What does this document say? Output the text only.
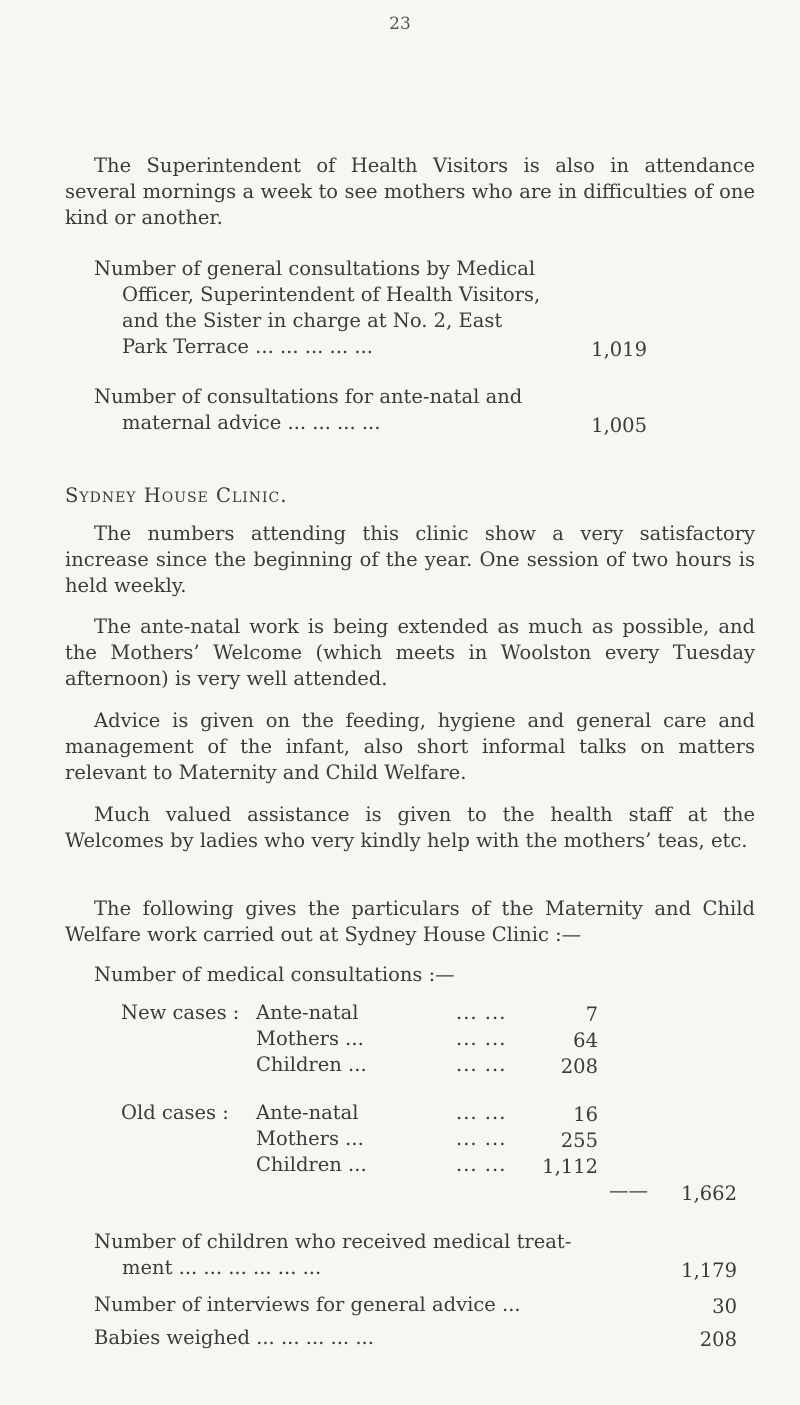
23
The Superintendent of Health Visitors is also in attendance several mornings a week to see mothers who are in difficulties of one kind or another.
Number of general consultations by Medical
Officer, Superintendent of Health Visitors,
and the Sister in charge at No. 2, East
Park Terrace ... ... ... ... ...	1,019
Number of consultations for ante-natal and
maternal advice ... ... ... ...	1,005
Sydney House Clinic.
The numbers attending this clinic show a very satisfactory increase since the beginning of the year. One session of two hours is held weekly.
The ante-natal work is being extended as much as possible, and the Mothers’ Welcome (which meets in Woolston every Tuesday afternoon) is very well attended.
Advice is given on the feeding, hygiene and general care and management of the infant, also short informal talks on matters relevant to Maternity and Child Welfare.
Much valued assistance is given to the health staff at the Welcomes by ladies who very kindly help with the mothers’ teas, etc.
The following gives the particulars of the Maternity and Child Welfare work carried out at Sydney House Clinic :—
Number of medical consultations :—
New cases : Ante-natal	... ...	7
Mothers ...	... ...	64
Children ...	... ...	208
Old cases : Ante-natal	... ...	16
Mothers ...	... ...	255
Children ...	... ...	1,112
——	1,662
Number of children who received medical treat-
ment ... ... ... ... ... ...	1,179
Number of interviews for general advice ...	30
Babies weighed ... ... ... ... ...	208
